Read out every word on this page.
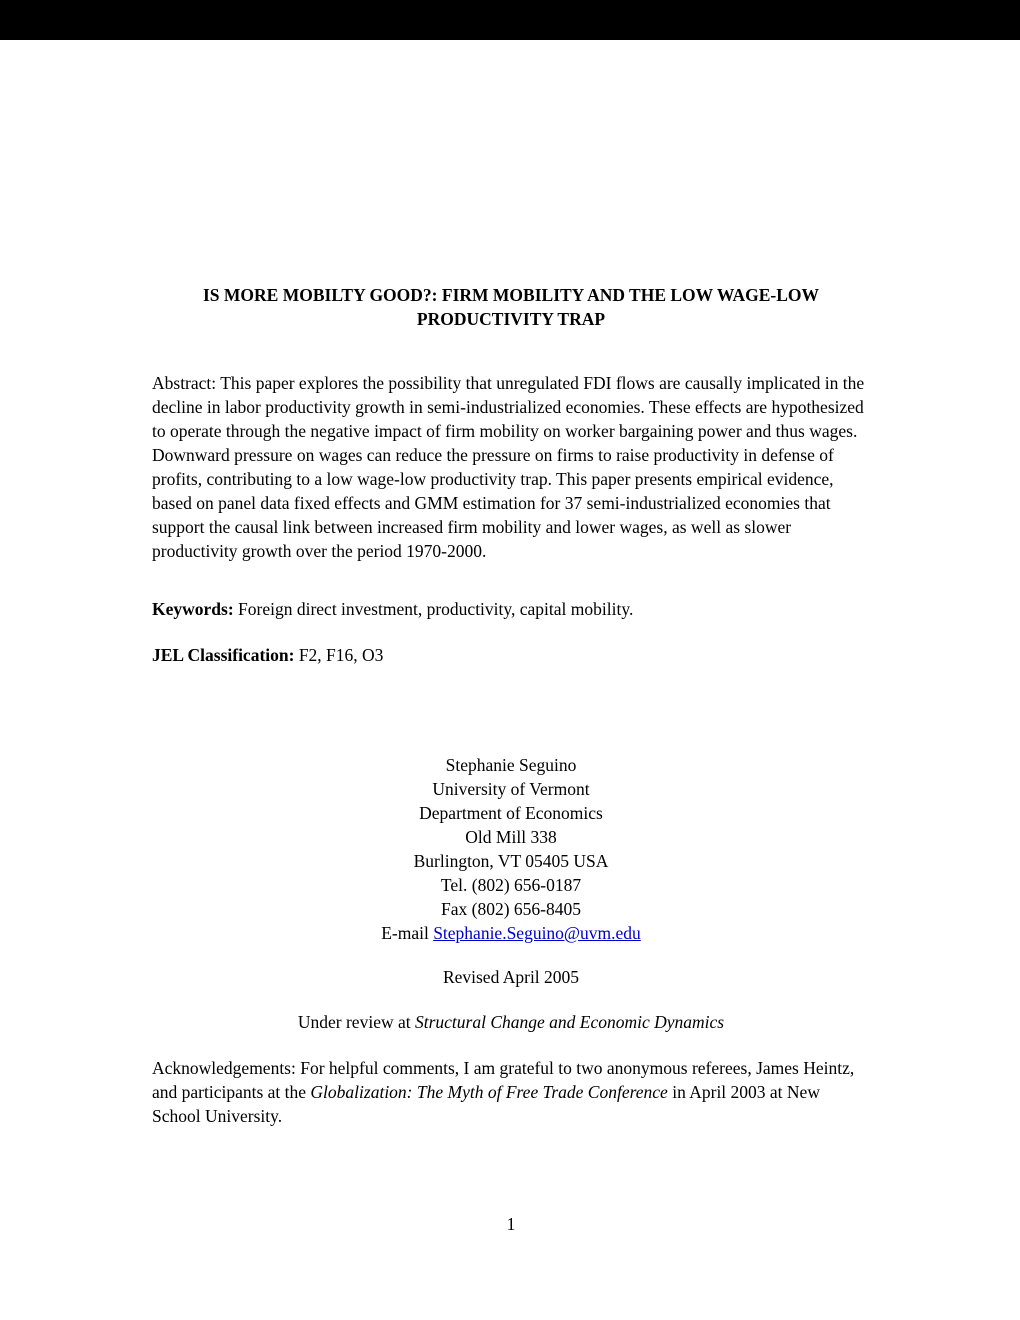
IS MORE MOBILTY GOOD?: FIRM MOBILITY AND THE LOW WAGE-LOW
PRODUCTIVITY TRAP

Abstract: This paper explores the possibility that unregulated FDI flows are causally implicated in the decline in labor productivity growth in semi-industrialized economies. These effects are hypothesized to operate through the negative impact of firm mobility on worker bargaining power and thus wages. Downward pressure on wages can reduce the pressure on firms to raise productivity in defense of profits, contributing to a low wage-low productivity trap. This paper presents empirical evidence, based on panel data fixed effects and GMM estimation for 37 semi-industrialized economies that support the causal link between increased firm mobility and lower wages, as well as slower productivity growth over the period 1970-2000.

Keywords: Foreign direct investment, productivity, capital mobility.

JEL Classification: F2, F16, O3

Stephanie Seguino
University of Vermont
Department of Economics
Old Mill 338
Burlington, VT 05405 USA
Tel. (802) 656-0187
Fax (802) 656-8405
E-mail Stephanie.Seguino@uvm.edu

Revised April 2005

Under review at Structural Change and Economic Dynamics

Acknowledgements: For helpful comments, I am grateful to two anonymous referees, James Heintz, and participants at the Globalization: The Myth of Free Trade Conference in April 2003 at New School University.

1
